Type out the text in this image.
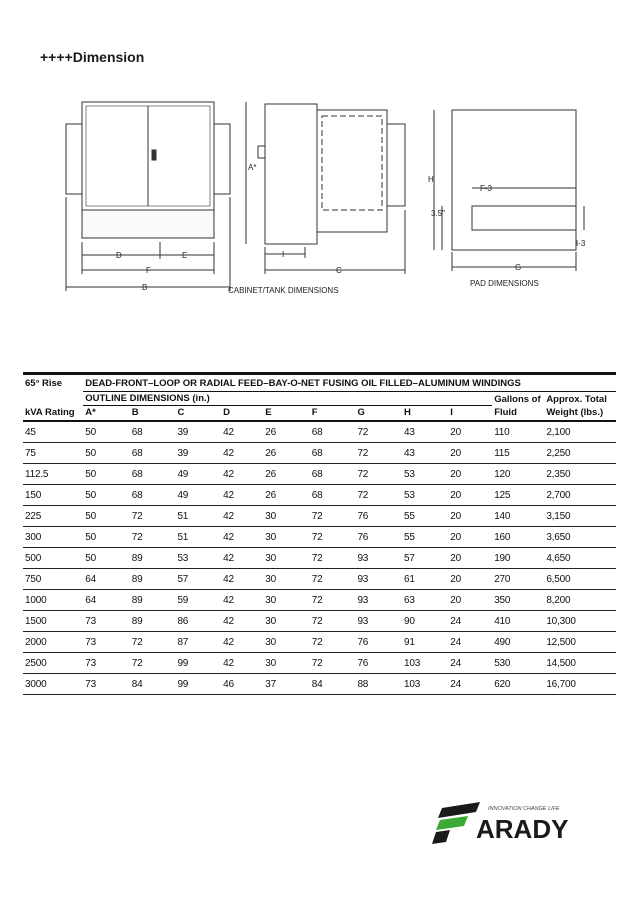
++++Dimension
D	E
F
B
A*
I
C
CABINET/TANK DIMENSIONS
H
F-3
3.5"
I-3
G
PAD DIMENSIONS
65° Rise	DEAD-FRONT–LOOP OR RADIAL FEED–BAY-O-NET FUSING OIL FILLED–ALUMINUM WINDINGS										
	OUTLINE DIMENSIONS (in.)									Gallons of	Approx. Total
kVA Rating	A*	B	C	D	E	F	G	H	I	Fluid	Weight (lbs.)
45	50	68	39	42	26	68	72	43	20	110	2,100
75	50	68	39	42	26	68	72	43	20	115	2,250
112.5	50	68	49	42	26	68	72	53	20	120	2,350
150	50	68	49	42	26	68	72	53	20	125	2,700
225	50	72	51	42	30	72	76	55	20	140	3,150
300	50	72	51	42	30	72	76	55	20	160	3,650
500	50	89	53	42	30	72	93	57	20	190	4,650
750	64	89	57	42	30	72	93	61	20	270	6,500
1000	64	89	59	42	30	72	93	63	20	350	8,200
1500	73	89	86	42	30	72	93	90	24	410	10,300
2000	73	72	87	42	30	72	76	91	24	490	12,500
2500	73	72	99	42	30	72	76	103	24	530	14,500
3000	73	84	99	46	37	84	88	103	24	620	16,700
INNOVATION CHANGE LIFE
ARADY
